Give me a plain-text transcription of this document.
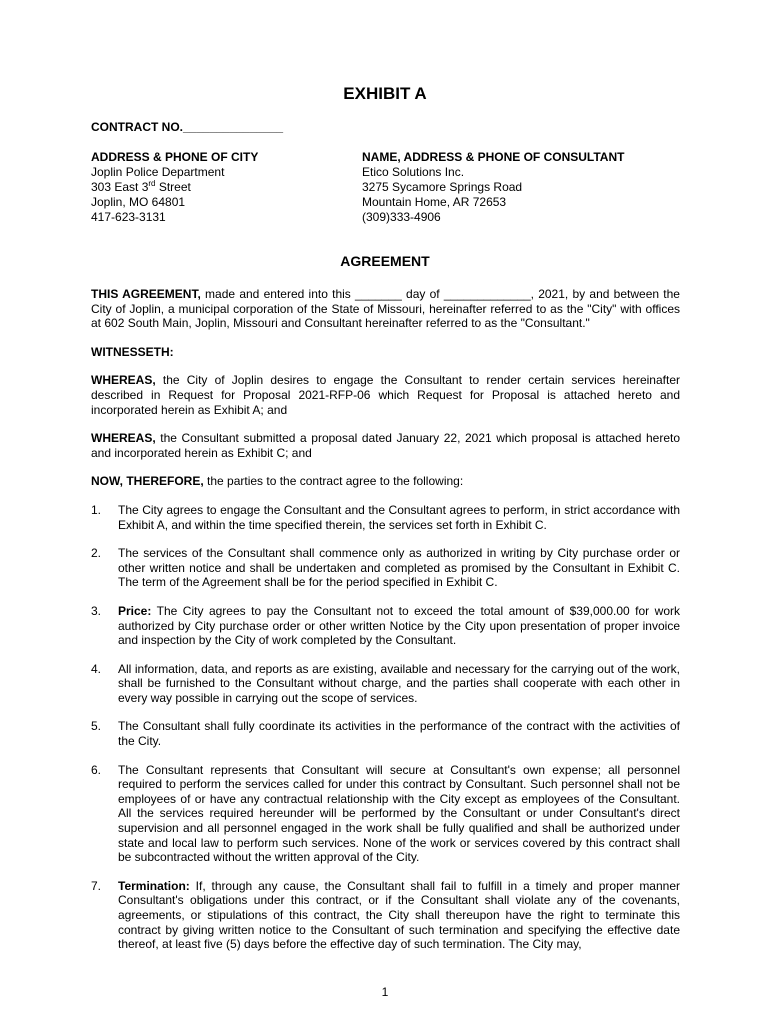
EXHIBIT A
CONTRACT NO._______________
ADDRESS & PHONE OF CITY
Joplin Police Department
303 East 3rd Street
Joplin, MO 64801
417-623-3131
NAME, ADDRESS & PHONE OF CONSULTANT
Etico Solutions Inc.
3275 Sycamore Springs Road
Mountain Home, AR 72653
(309)333-4906
AGREEMENT

THIS AGREEMENT, made and entered into this _______ day of _____________, 2021, by and between the City of Joplin, a municipal corporation of the State of Missouri, hereinafter referred to as the "City" with offices at 602 South Main, Joplin, Missouri and Consultant hereinafter referred to as the "Consultant."

WITNESSETH:

WHEREAS, the City of Joplin desires to engage the Consultant to render certain services hereinafter described in Request for Proposal 2021-RFP-06 which Request for Proposal is attached hereto and incorporated herein as Exhibit A; and

WHEREAS, the Consultant submitted a proposal dated January 22, 2021 which proposal is attached hereto and incorporated herein as Exhibit C; and

NOW, THEREFORE, the parties to the contract agree to the following:

1. The City agrees to engage the Consultant and the Consultant agrees to perform, in strict accordance with Exhibit A, and within the time specified therein, the services set forth in Exhibit C.
2. The services of the Consultant shall commence only as authorized in writing by City purchase order or other written notice and shall be undertaken and completed as promised by the Consultant in Exhibit C. The term of the Agreement shall be for the period specified in Exhibit C.
3. Price: The City agrees to pay the Consultant not to exceed the total amount of $39,000.00 for work authorized by City purchase order or other written Notice by the City upon presentation of proper invoice and inspection by the City of work completed by the Consultant.
4. All information, data, and reports as are existing, available and necessary for the carrying out of the work, shall be furnished to the Consultant without charge, and the parties shall cooperate with each other in every way possible in carrying out the scope of services.
5. The Consultant shall fully coordinate its activities in the performance of the contract with the activities of the City.
6. The Consultant represents that Consultant will secure at Consultant's own expense; all personnel required to perform the services called for under this contract by Consultant. Such personnel shall not be employees of or have any contractual relationship with the City except as employees of the Consultant. All the services required hereunder will be performed by the Consultant or under Consultant's direct supervision and all personnel engaged in the work shall be fully qualified and shall be authorized under state and local law to perform such services. None of the work or services covered by this contract shall be subcontracted without the written approval of the City.
7. Termination: If, through any cause, the Consultant shall fail to fulfill in a timely and proper manner Consultant's obligations under this contract, or if the Consultant shall violate any of the covenants, agreements, or stipulations of this contract, the City shall thereupon have the right to terminate this contract by giving written notice to the Consultant of such termination and specifying the effective date thereof, at least five (5) days before the effective day of such termination. The City may,
1
